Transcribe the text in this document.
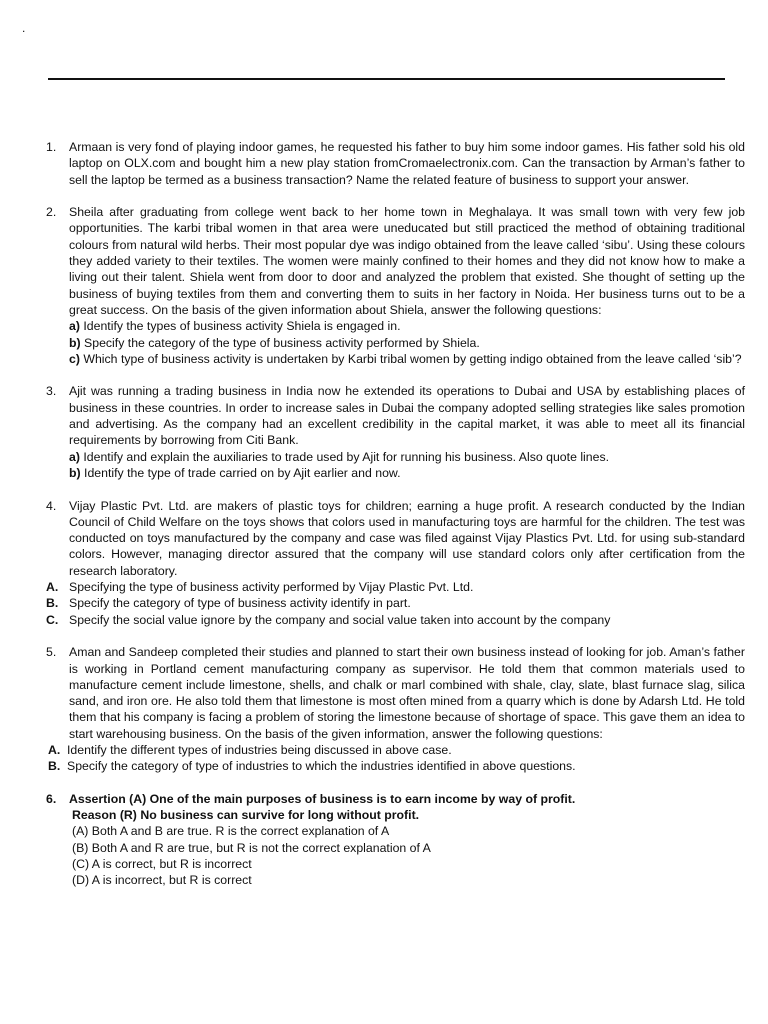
.
1. Armaan is very fond of playing indoor games, he requested his father to buy him some indoor games. His father sold his old laptop on OLX.com and bought him a new play station fromCromaelectronix.com. Can the transaction by Arman’s father to sell the laptop be termed as a business transaction? Name the related feature of business to support your answer.

2. Sheila after graduating from college went back to her home town in Meghalaya. It was small town with very few job opportunities. The karbi tribal women in that area were uneducated but still practiced the method of obtaining traditional colours from natural wild herbs. Their most popular dye was indigo obtained from the leave called ‘sibu’. Using these colours they added variety to their textiles. The women were mainly confined to their homes and they did not know how to make a living out their talent. Shiela went from door to door and analyzed the problem that existed. She thought of setting up the business of buying textiles from them and converting them to suits in her factory in Noida. Her business turns out to be a great success. On the basis of the given information about Shiela, answer the following questions:

a) Identify the types of business activity Shiela is engaged in.

b) Specify the category of the type of business activity performed by Shiela.

c) Which type of business activity is undertaken by Karbi tribal women by getting indigo obtained from the leave called ‘sib’?

3. Ajit was running a trading business in India now he extended its operations to Dubai and USA by establishing places of business in these countries. In order to increase sales in Dubai the company adopted selling strategies like sales promotion and advertising. As the company had an excellent credibility in the capital market, it was able to meet all its financial requirements by borrowing from Citi Bank.

a) Identify and explain the auxiliaries to trade used by Ajit for running his business. Also quote lines.

b) Identify the type of trade carried on by Ajit earlier and now.

4. Vijay Plastic Pvt. Ltd. are makers of plastic toys for children; earning a huge profit. A research conducted by the Indian Council of Child Welfare on the toys shows that colors used in manufacturing toys are harmful for the children. The test was conducted on toys manufactured by the company and case was filed against Vijay Plastics Pvt. Ltd. for using sub-standard colors. However, managing director assured that the company will use standard colors only after certification from the research laboratory.

A. Specifying the type of business activity performed by Vijay Plastic Pvt. Ltd.
B. Specify the category of type of business activity identify in part.
C. Specify the social value ignore by the company and social value taken into account by the company
5. Aman and Sandeep completed their studies and planned to start their own business instead of looking for job. Aman’s father is working in Portland cement manufacturing company as supervisor. He told them that common materials used to manufacture cement include limestone, shells, and chalk or marl combined with shale, clay, slate, blast furnace slag, silica sand, and iron ore. He also told them that limestone is most often mined from a quarry which is done by Adarsh Ltd. He told them that his company is facing a problem of storing the limestone because of shortage of space. This gave them an idea to start warehousing business. On the basis of the given information, answer the following questions:

A. Identify the different types of industries being discussed in above case.
B. Specify the category of type of industries to which the industries identified in above questions.
6. Assertion (A) One of the main purposes of business is to earn income by way of profit.

Reason (R) No business can survive for long without profit.

(A) Both A and B are true. R is the correct explanation of A

(B) Both A and R are true, but R is not the correct explanation of A

(C) A is correct, but R is incorrect

(D) A is incorrect, but R is correct
